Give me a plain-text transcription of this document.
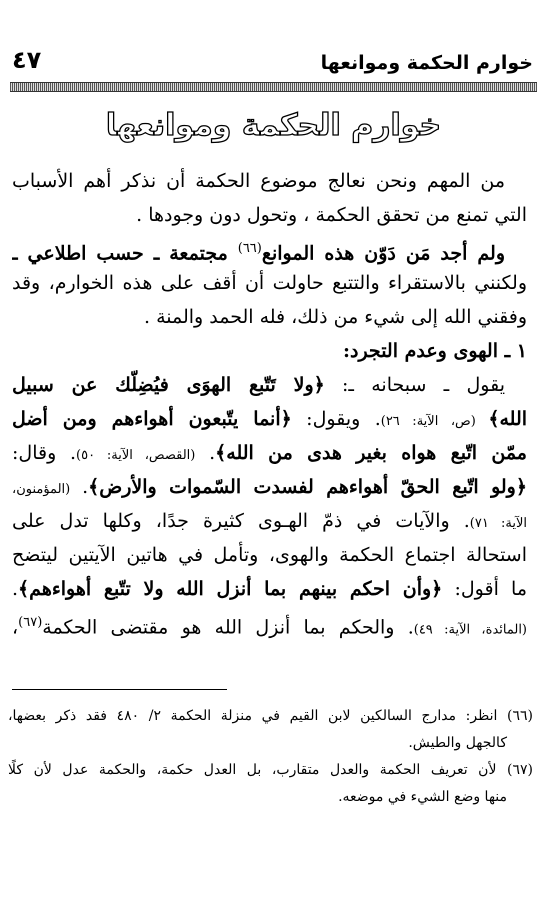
خوارم الحكمة وموانعها
٤٧
خوارم الحكمة وموانعها
من المهم ونحن نعالج موضوع الحكمة أن نذكر أهم الأسباب
التي تمنع من تحقق الحكمة ، وتحول دون وجودها .
ولم أجد مَن دَوّن هذه الموانع$^{(٦٦)}$ مجتمعة ـ حسب اطلاعي ـ
ولكنني بالاستقراء والتتبع حاولت أن أقف على هذه الخوارم، وقد
وفقني الله إلى شيء من ذلك، فله الحمد والمنة .
١ ـ الهوى وعدم التجرد:
يقول ـ سبحانه ـ: ﴿ولا تَتّبع الهوَى فيُضِلّك عن سبيل
الله﴾ (ص، الآية: ٢٦). ويقول: ﴿أنما يتّبعون أهواءهم ومن أضل
ممّن اتّبع هواه بغير هدى من الله﴾. (القصص، الآية: ٥٠). وقال:
﴿ولو اتّبع الحقّ أهواءهم لفسدت السّموات والأرض﴾. (المؤمنون،
الآية: ٧١). والآيات في ذمّ الهـوى كثيرة جدًا، وكلها تدل على
استحالة اجتماع الحكمة والهوى، وتأمل في هاتين الآيتين ليتضح
ما أقول: ﴿وأن احكم بينهم بما أنزل الله ولا تتّبع أهواءهم﴾.
(المائدة، الآية: ٤٩). والحكم بما أنزل الله هو مقتضى الحكمة$^{(٦٧)}$،
(٦٦) انظر: مدارج السالكين لابن القيم في منزلة الحكمة ٢/ ٤٨٠ فقد ذكر بعضها،
كالجهل والطيش.
(٦٧) لأن تعريف الحكمة والعدل متقارب، بل العدل حكمة، والحكمة عدل لأن كلًا
منها وضع الشيء في موضعه.
